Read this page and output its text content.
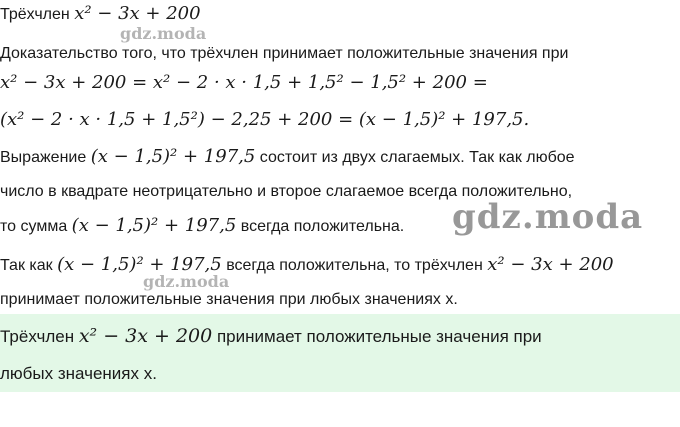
Трёхчлен x² − 3x + 200
gdz.moda
Доказательство того, что трёхчлен принимает положительные значения при
x² − 3x + 200 = x² − 2 · x · 1,5 + 1,5² − 1,5² + 200 =
(x² − 2 · x · 1,5 + 1,5²) − 2,25 + 200 = (x − 1,5)² + 197,5.
Выражение (x − 1,5)² + 197,5 состоит из двух слагаемых. Так как любое
число в квадрате неотрицательно и второе слагаемое всегда положительно,
то сумма (x − 1,5)² + 197,5 всегда положительна. gdz.moda
Так как (x − 1,5)² + 197,5 всегда положительна, то трёхчлен x² − 3x + 200
gdz.moda
принимает положительные значения при любых значениях x.
Трёхчлен x² − 3x + 200 принимает положительные значения при
любых значениях x.
